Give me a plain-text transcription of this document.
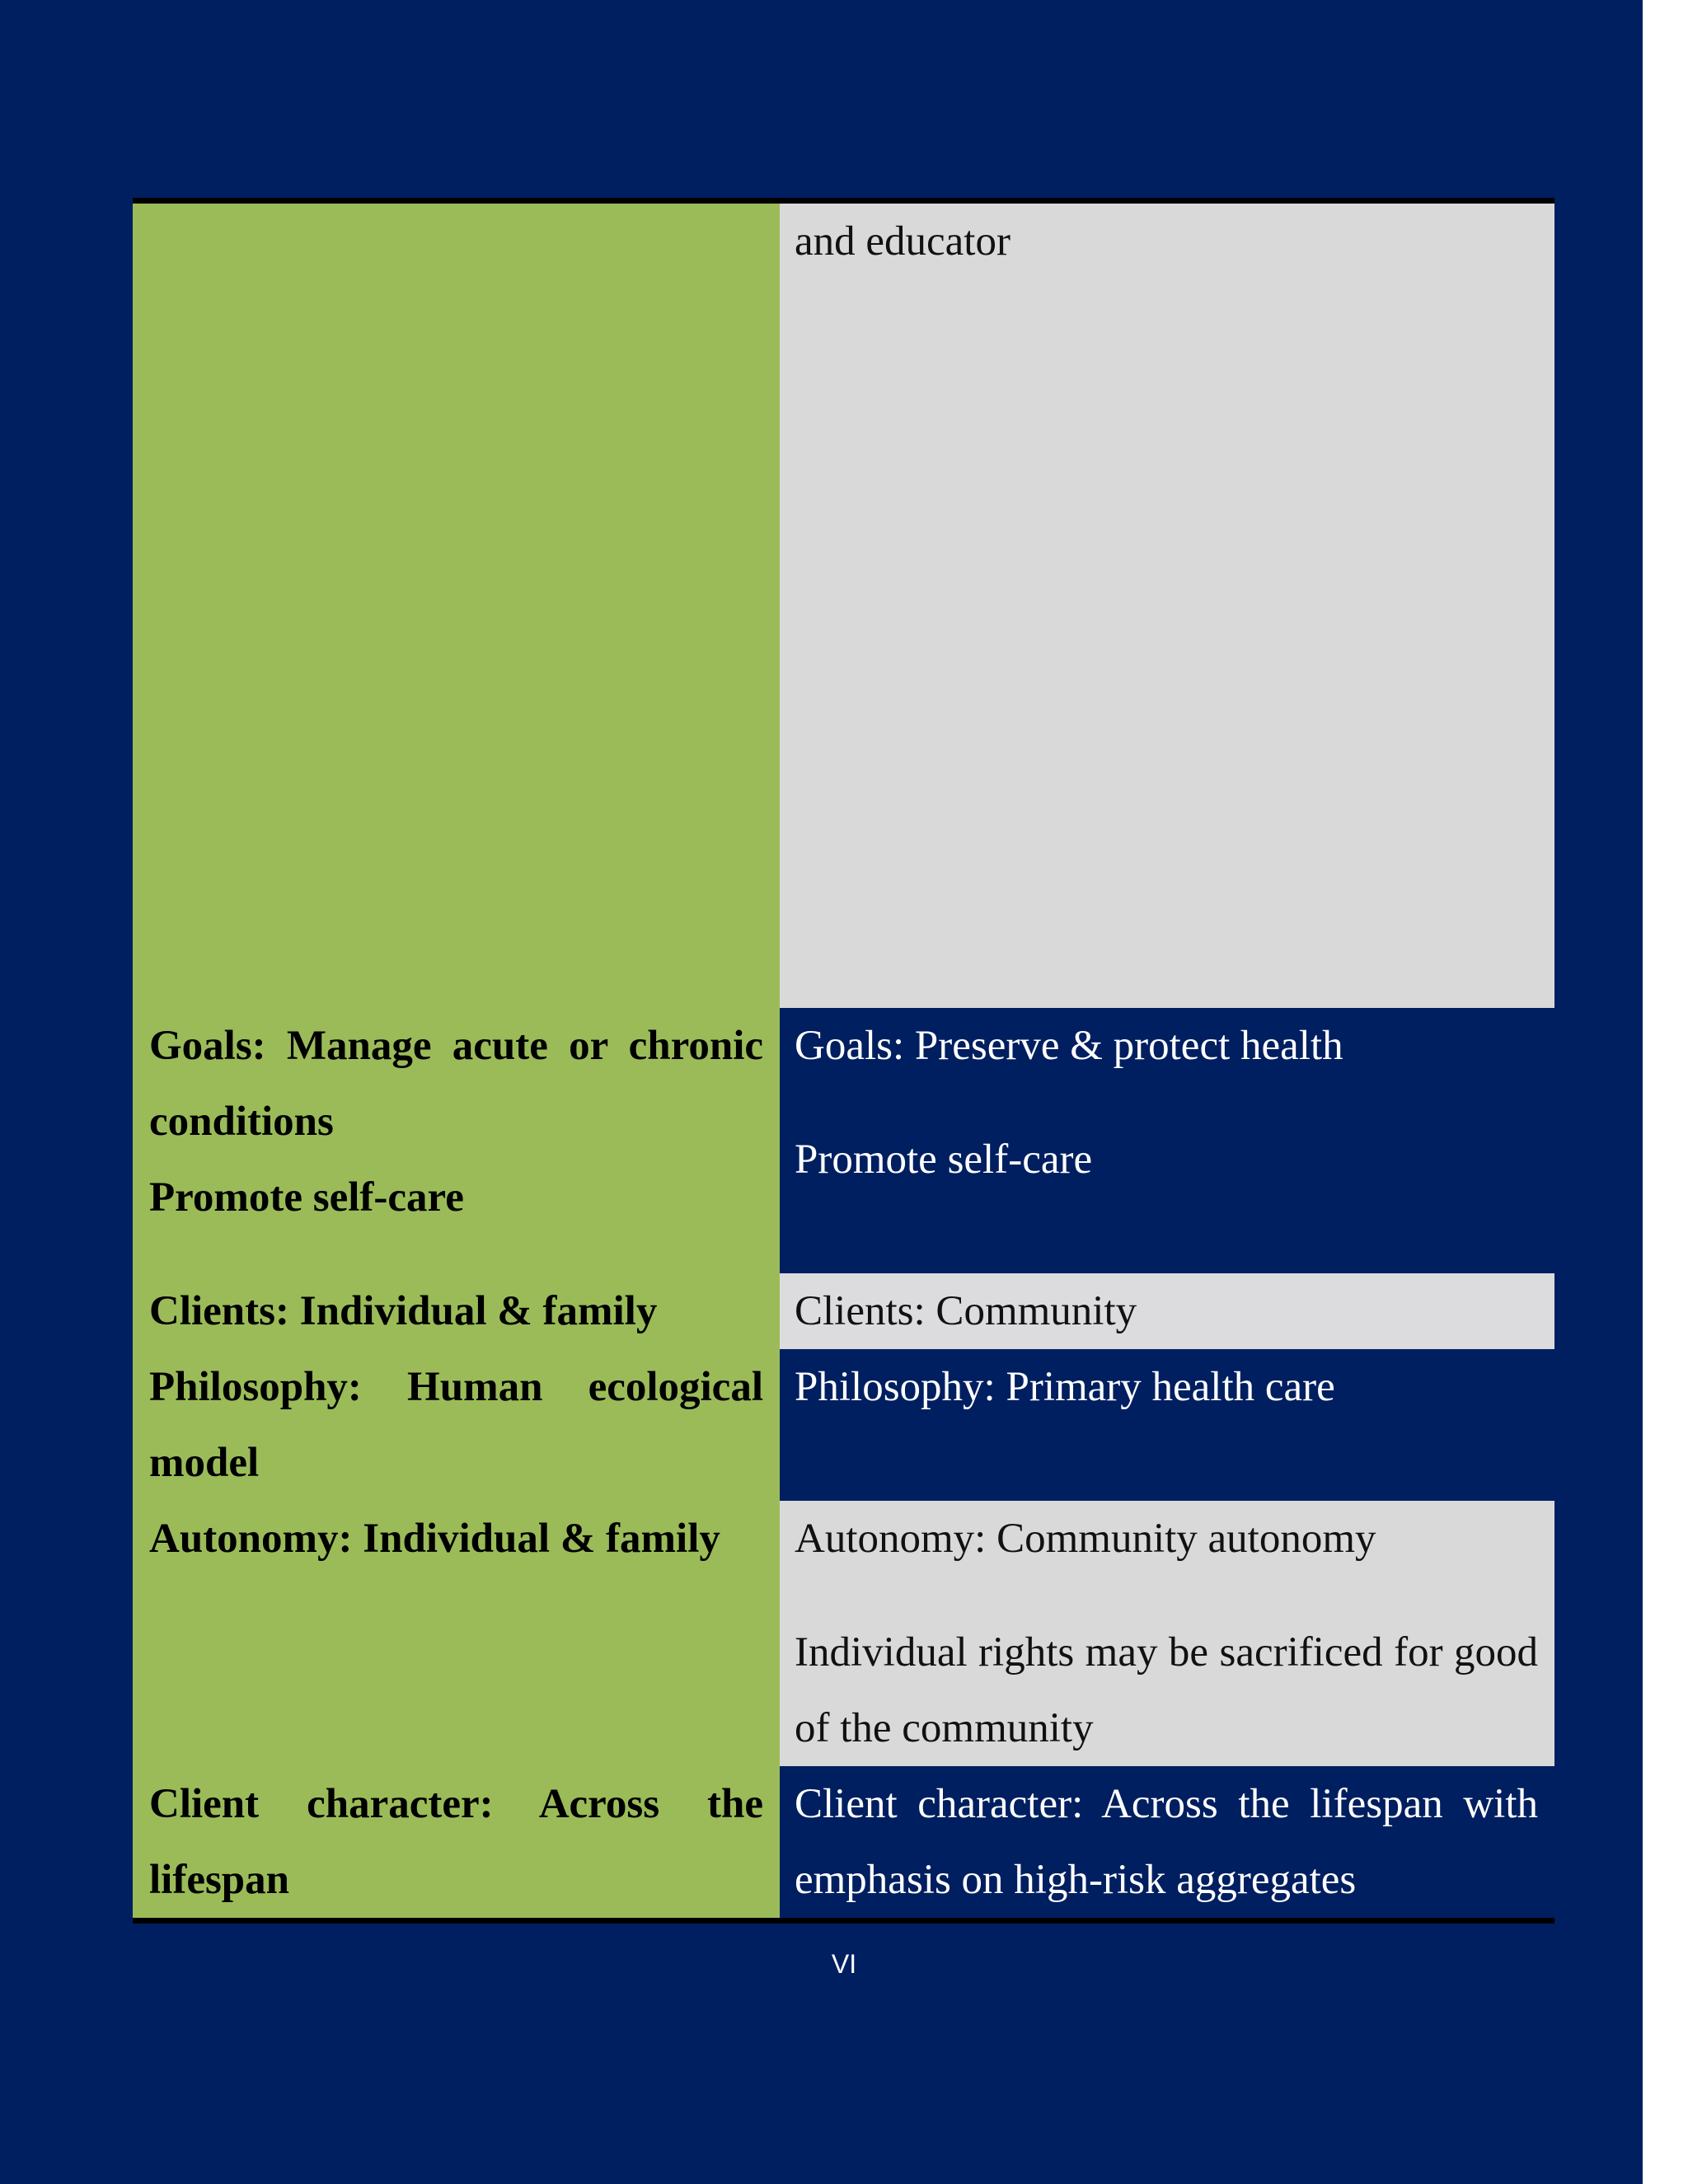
and educator

Goals: Manage acute or chronic conditions

Promote self-care

Goals: Preserve & protect health

Promote self-care

Clients: Individual & family	Clients: Community

Philosophy: Human ecological model

Philosophy: Primary health care

Autonomy: Individual & family	Autonomy: Community autonomy

Individual rights may be sacrificed for good of the community

Client character: Across the lifespan

Client character: Across the lifespan with emphasis on high-risk aggregates

VI
